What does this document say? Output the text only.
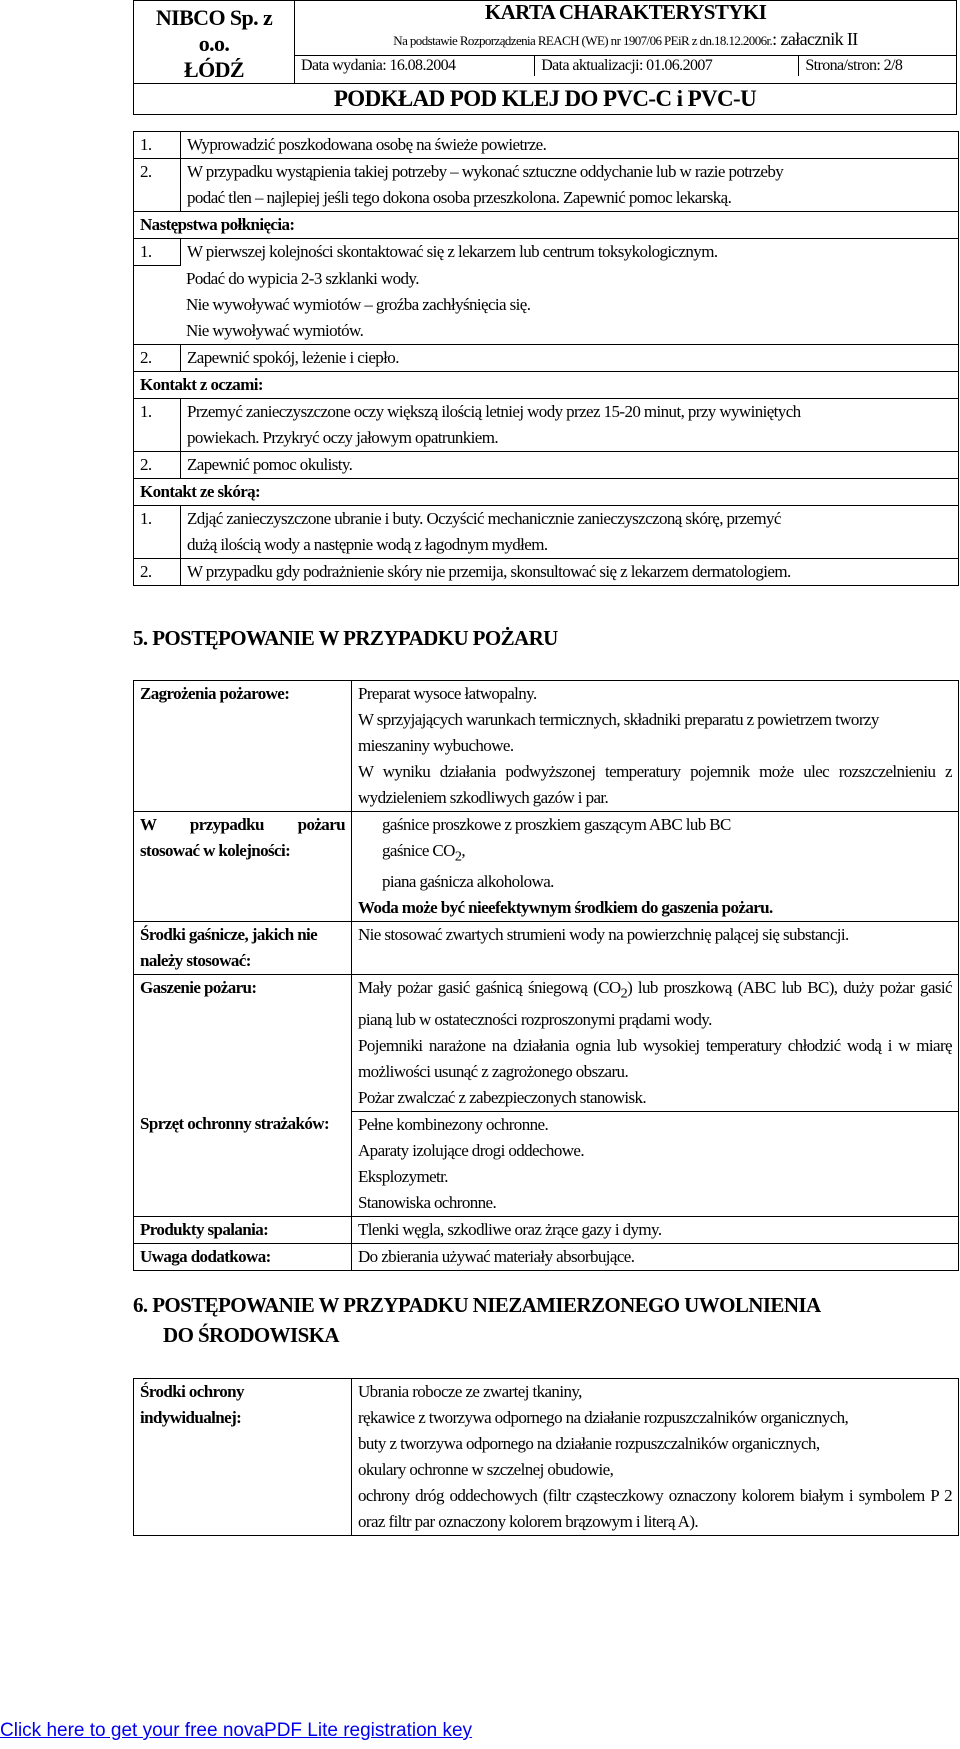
NIBCO Sp. z o.o.
ŁÓDŹ
	KARTA CHARAKTERYSTYKI
Na podstawie Rozporządzenia REACH (WE) nr 1907/06 PEiR z dn.18.12.2006r.: załacznik II

Data wydania: 16.08.2004	Data aktualizacji: 01.06.2007	Strona/stron: 2/8

PODKŁAD POD KLEJ DO PVC-C i PVC-U
1.	Wyprowadzić poszkodowana osobę na świeże powietrze.
2.	W przypadku wystąpienia takiej potrzeby – wykonać sztuczne oddychanie lub w razie potrzeby
podać tlen – najlepiej jeśli tego dokona osoba przeszkolona. Zapewnić pomoc lekarską.

Następstwa połknięcia:	
1.	W pierwszej kolejności skontaktować się z lekarzem lub centrum toksykologicznym.
Podać do wypicia 2-3 szklanki wody.	
Nie wywoływać wymiotów – groźba zachłyśnięcia się.	
Nie wywoływać wymiotów.	
2.	Zapewnić spokój, leżenie i ciepło.
Kontakt z oczami:	
1.	Przemyć zanieczyszczone oczy większą ilością letniej wody przez 15-20 minut, przy wywiniętych
powiekach. Przykryć oczy jałowym opatrunkiem.

2.	Zapewnić pomoc okulisty.
Kontakt ze skórą:	
1.	Zdjąć zanieczyszczone ubranie i buty. Oczyścić mechanicznie zanieczyszczoną skórę, przemyć
dużą ilością wody a następnie wodą z łagodnym mydłem.

2.	W przypadku gdy podrażnienie skóry nie przemija, skonsultować się z lekarzem dermatologiem.
5. POSTĘPOWANIE W PRZYPADKU POŻARU
Zagrożenia pożarowe:	Preparat wysoce łatwopalny.
W sprzyjających warunkach termicznych, składniki preparatu z powietrzem tworzy mieszaniny wybuchowe.
W wyniku działania podwyższonej temperatury pojemnik może ulec rozszczelnieniu z wydzieleniem szkodliwych gazów i par.

W przypadku pożaru stosować w kolejności:	gaśnice proszkowe z proszkiem gaszącym ABC lub BC
gaśnice $CO_2$,
piana gaśnicza alkoholowa.
Woda może być nieefektywnym środkiem do gaszenia pożaru.

Środki gaśnicze, jakich nie należy stosować:	Nie stosować zwartych strumieni wody na powierzchnię palącej się substancji.
Gaszenie pożaru:	Mały pożar gasić gaśnicą śniegową $(CO_2)$ lub proszkową (ABC lub BC), duży pożar gasić pianą lub w ostateczności rozproszonymi prądami wody.
Pojemniki narażone na działania ognia lub wysokiej temperatury chłodzić wodą i w miarę możliwości usunąć z zagrożonego obszaru.
Pożar zwalczać z zabezpieczonych stanowisk.

Sprzęt ochronny strażaków:	Pełne kombinezony ochronne.
Aparaty izolujące drogi oddechowe.
Eksplozymetr.
Stanowiska ochronne.

Produkty spalania:	Tlenki węgla, szkodliwe oraz żrące gazy i dymy.
Uwaga dodatkowa:	Do zbierania używać materiały absorbujące.
6. POSTĘPOWANIE W PRZYPADKU NIEZAMIERZONEGO UWOLNIENIA
DO ŚRODOWISKA
Środki ochrony indywidualnej:	
Ubrania robocze ze zwartej tkaniny,
rękawice z tworzywa odpornego na działanie rozpuszczalników organicznych,
buty z tworzywa odpornego na działanie rozpuszczalników organicznych,
okulary ochronne w szczelnej obudowie,
ochrony dróg oddechowych (filtr cząsteczkowy oznaczony kolorem białym i symbolem P 2 oraz filtr par oznaczony kolorem brązowym i literą A).
Click here to get your free novaPDF Lite registration key
